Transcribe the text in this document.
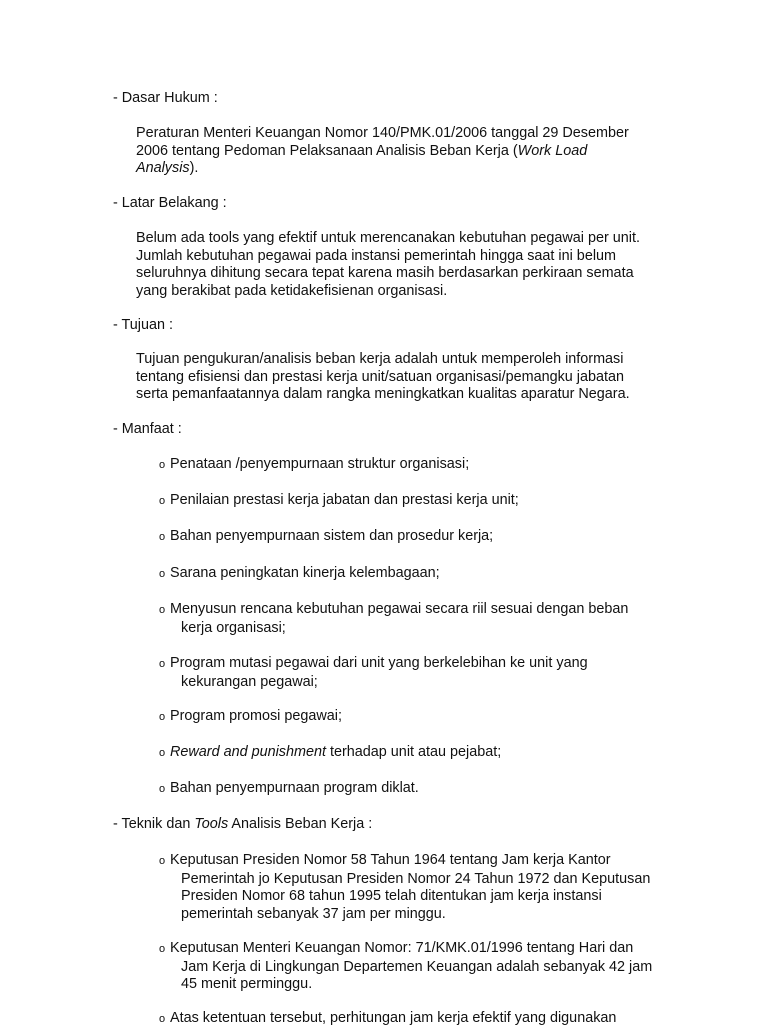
- Dasar Hukum :
Peraturan Menteri Keuangan Nomor 140/PMK.01/2006 tanggal 29 Desember
2006 tentang Pedoman Pelaksanaan Analisis Beban Kerja (Work Load
Analysis).
- Latar Belakang :
Belum ada tools yang efektif untuk merencanakan kebutuhan pegawai per unit.
Jumlah kebutuhan pegawai pada instansi pemerintah hingga saat ini belum
seluruhnya dihitung secara tepat karena masih berdasarkan perkiraan semata
yang berakibat pada ketidakefisienan organisasi.
- Tujuan :
Tujuan pengukuran/analisis beban kerja adalah untuk memperoleh informasi
tentang efisiensi dan prestasi kerja unit/satuan organisasi/pemangku jabatan
serta pemanfaatannya dalam rangka meningkatkan kualitas aparatur Negara.
- Manfaat :
o Penataan /penyempurnaan struktur organisasi;
o Penilaian prestasi kerja jabatan dan prestasi kerja unit;
o Bahan penyempurnaan sistem dan prosedur kerja;
o Sarana peningkatan kinerja kelembagaan;
o Menyusun rencana kebutuhan pegawai secara riil sesuai dengan beban
kerja organisasi;
o Program mutasi pegawai dari unit yang berkelebihan ke unit yang
kekurangan pegawai;
o Program promosi pegawai;
o Reward and punishment terhadap unit atau pejabat;
o Bahan penyempurnaan program diklat.
- Teknik dan Tools Analisis Beban Kerja :
o Keputusan Presiden Nomor 58 Tahun 1964 tentang Jam kerja Kantor
Pemerintah jo Keputusan Presiden Nomor 24 Tahun 1972 dan Keputusan
Presiden Nomor 68 tahun 1995 telah ditentukan jam kerja instansi
pemerintah sebanyak 37 jam per minggu.
o Keputusan Menteri Keuangan Nomor: 71/KMK.01/1996 tentang Hari dan
Jam Kerja di Lingkungan Departemen Keuangan adalah sebanyak 42 jam
45 menit perminggu.
o Atas ketentuan tersebut, perhitungan jam kerja efektif yang digunakan
